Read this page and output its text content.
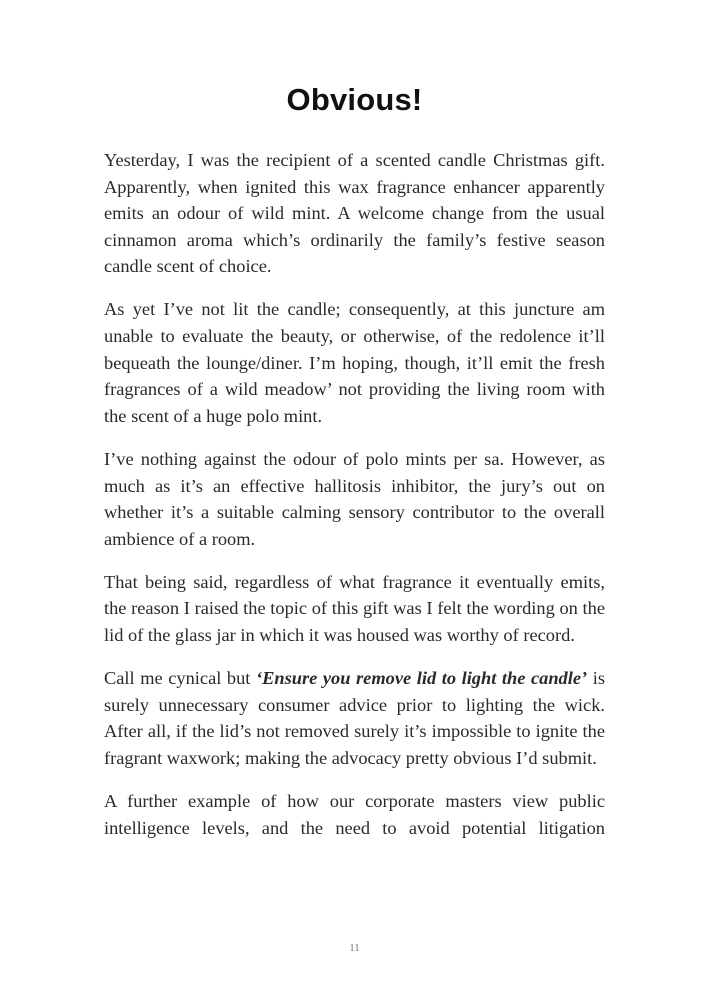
Obvious!

Yesterday, I was the recipient of a scented candle Christmas gift. Apparently, when ignited this wax fragrance enhancer apparently emits an odour of wild mint. A welcome change from the usual cinnamon aroma which’s ordinarily the family’s festive season candle scent of choice.

As yet I’ve not lit the candle; consequently, at this juncture am unable to evaluate the beauty, or otherwise, of the redolence it’ll bequeath the lounge/diner. I’m hoping, though, it’ll emit the fresh fragrances of a wild meadow’ not providing the living room with the scent of a huge polo mint.

I’ve nothing against the odour of polo mints per sa. However, as much as it’s an effective hallitosis inhibitor, the jury’s out on whether it’s a suitable calming sensory contributor to the overall ambience of a room.

That being said, regardless of what fragrance it eventually emits, the reason I raised the topic of this gift was I felt the wording on the lid of the glass jar in which it was housed was worthy of record.

Call me cynical but ‘Ensure you remove lid to light the candle’ is surely unnecessary consumer advice prior to lighting the wick. After all, if the lid’s not removed surely it’s impossible to ignite the fragrant waxwork; making the advocacy pretty obvious I’d submit.

A further example of how our corporate masters view public intelligence levels, and the need to avoid potential litigation

11
